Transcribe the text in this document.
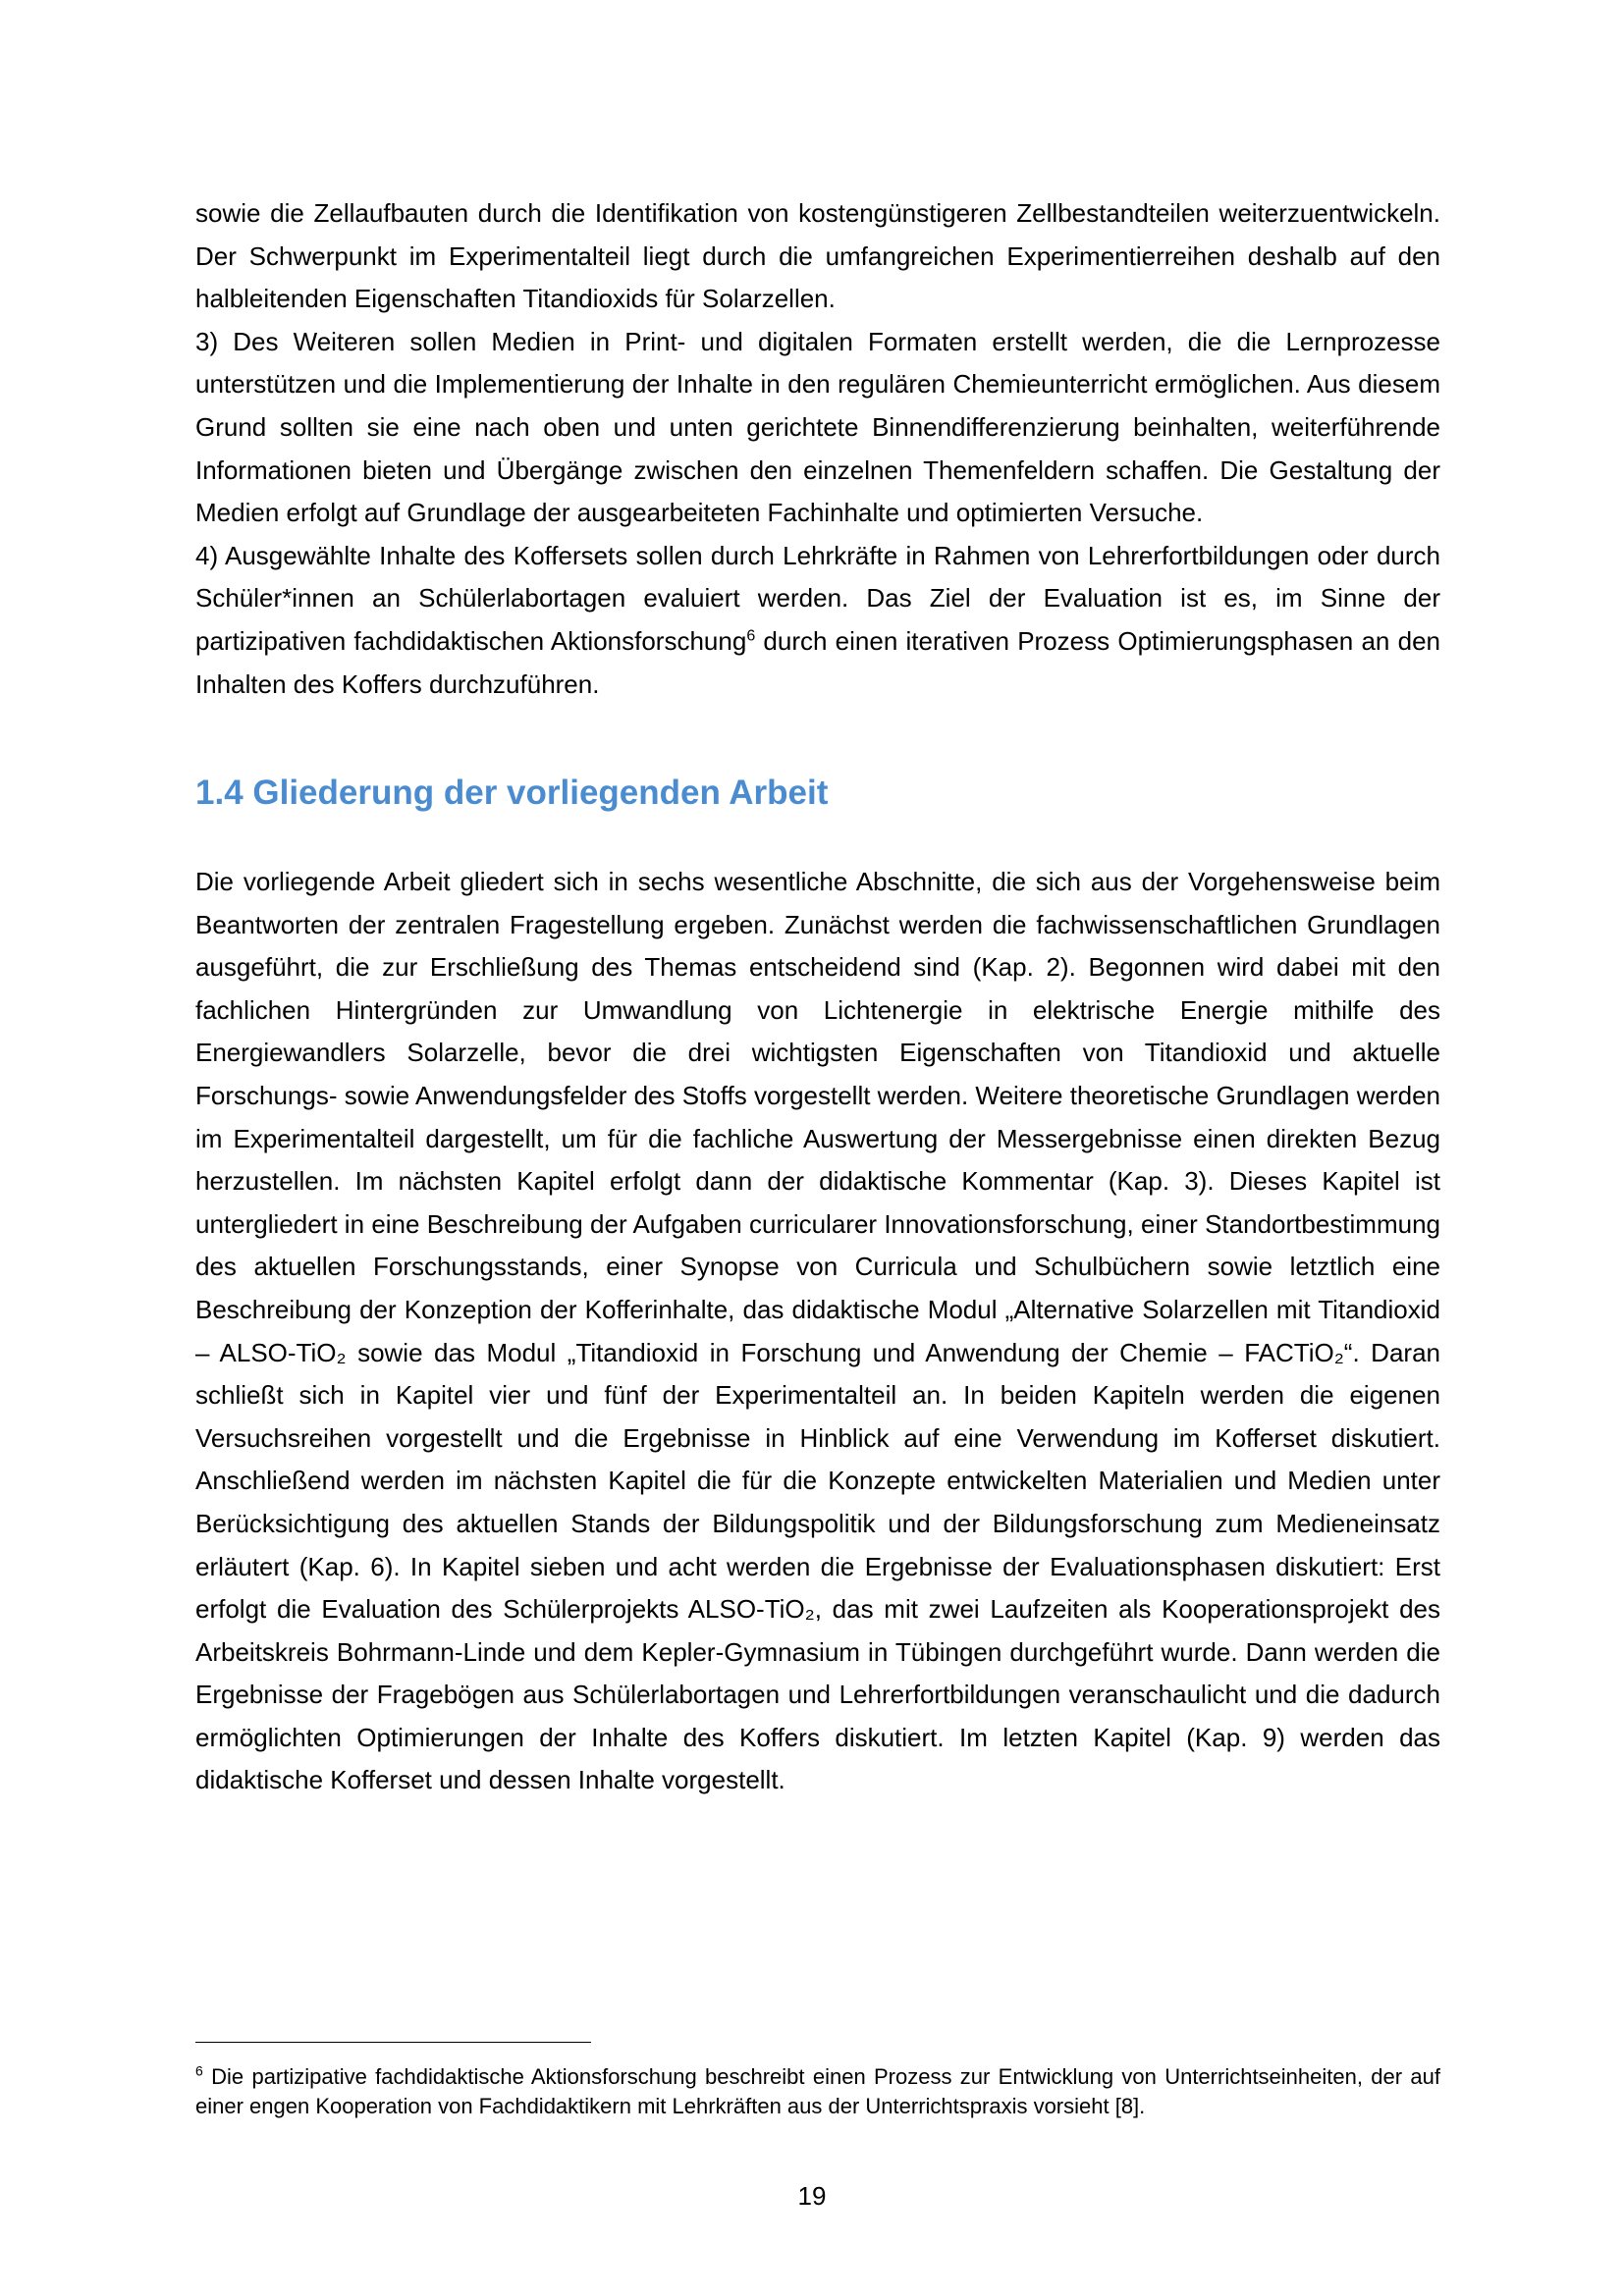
sowie die Zellaufbauten durch die Identifikation von kostengünstigeren Zellbestandteilen weiterzuentwickeln. Der Schwerpunkt im Experimentalteil liegt durch die umfangreichen Experimentierreihen deshalb auf den halbleitenden Eigenschaften Titandioxids für Solarzellen.

3) Des Weiteren sollen Medien in Print- und digitalen Formaten erstellt werden, die die Lernprozesse unterstützen und die Implementierung der Inhalte in den regulären Chemieunterricht ermöglichen. Aus diesem Grund sollten sie eine nach oben und unten gerichtete Binnendifferenzierung beinhalten, weiterführende Informationen bieten und Übergänge zwischen den einzelnen Themenfeldern schaffen. Die Gestaltung der Medien erfolgt auf Grundlage der ausgearbeiteten Fachinhalte und optimierten Versuche.

4) Ausgewählte Inhalte des Koffersets sollen durch Lehrkräfte in Rahmen von Lehrerfortbildungen oder durch Schüler*innen an Schülerlabortagen evaluiert werden. Das Ziel der Evaluation ist es, im Sinne der partizipativen fachdidaktischen Aktionsforschung$^6$ durch einen iterativen Prozess Optimierungsphasen an den Inhalten des Koffers durchzuführen.

1.4 Gliederung der vorliegenden Arbeit

Die vorliegende Arbeit gliedert sich in sechs wesentliche Abschnitte, die sich aus der Vorgehensweise beim Beantworten der zentralen Fragestellung ergeben. Zunächst werden die fachwissenschaftlichen Grundlagen ausgeführt, die zur Erschließung des Themas entscheidend sind (Kap. 2). Begonnen wird dabei mit den fachlichen Hintergründen zur Umwandlung von Lichtenergie in elektrische Energie mithilfe des Energiewandlers Solarzelle, bevor die drei wichtigsten Eigenschaften von Titandioxid und aktuelle Forschungs- sowie Anwendungsfelder des Stoffs vorgestellt werden. Weitere theoretische Grundlagen werden im Experimentalteil dargestellt, um für die fachliche Auswertung der Messergebnisse einen direkten Bezug herzustellen. Im nächsten Kapitel erfolgt dann der didaktische Kommentar (Kap. 3). Dieses Kapitel ist untergliedert in eine Beschreibung der Aufgaben curricularer Innovationsforschung, einer Standortbestimmung des aktuellen Forschungsstands, einer Synopse von Curricula und Schulbüchern sowie letztlich eine Beschreibung der Konzeption der Kofferinhalte, das didaktische Modul „Alternative Solarzellen mit Titandioxid – ALSO-TiO₂ sowie das Modul „Titandioxid in Forschung und Anwendung der Chemie – FACTiO₂“. Daran schließt sich in Kapitel vier und fünf der Experimentalteil an. In beiden Kapiteln werden die eigenen Versuchsreihen vorgestellt und die Ergebnisse in Hinblick auf eine Verwendung im Kofferset diskutiert. Anschließend werden im nächsten Kapitel die für die Konzepte entwickelten Materialien und Medien unter Berücksichtigung des aktuellen Stands der Bildungspolitik und der Bildungsforschung zum Medieneinsatz erläutert (Kap. 6). In Kapitel sieben und acht werden die Ergebnisse der Evaluationsphasen diskutiert: Erst erfolgt die Evaluation des Schülerprojekts ALSO-TiO₂, das mit zwei Laufzeiten als Kooperationsprojekt des Arbeitskreis Bohrmann-Linde und dem Kepler-Gymnasium in Tübingen durchgeführt wurde. Dann werden die Ergebnisse der Fragebögen aus Schülerlabortagen und Lehrerfortbildungen veranschaulicht und die dadurch ermöglichten Optimierungen der Inhalte des Koffers diskutiert. Im letzten Kapitel (Kap. 9) werden das didaktische Kofferset und dessen Inhalte vorgestellt.

$^6$ Die partizipative fachdidaktische Aktionsforschung beschreibt einen Prozess zur Entwicklung von Unterrichtseinheiten, der auf einer engen Kooperation von Fachdidaktikern mit Lehrkräften aus der Unterrichtspraxis vorsieht [8].

19
